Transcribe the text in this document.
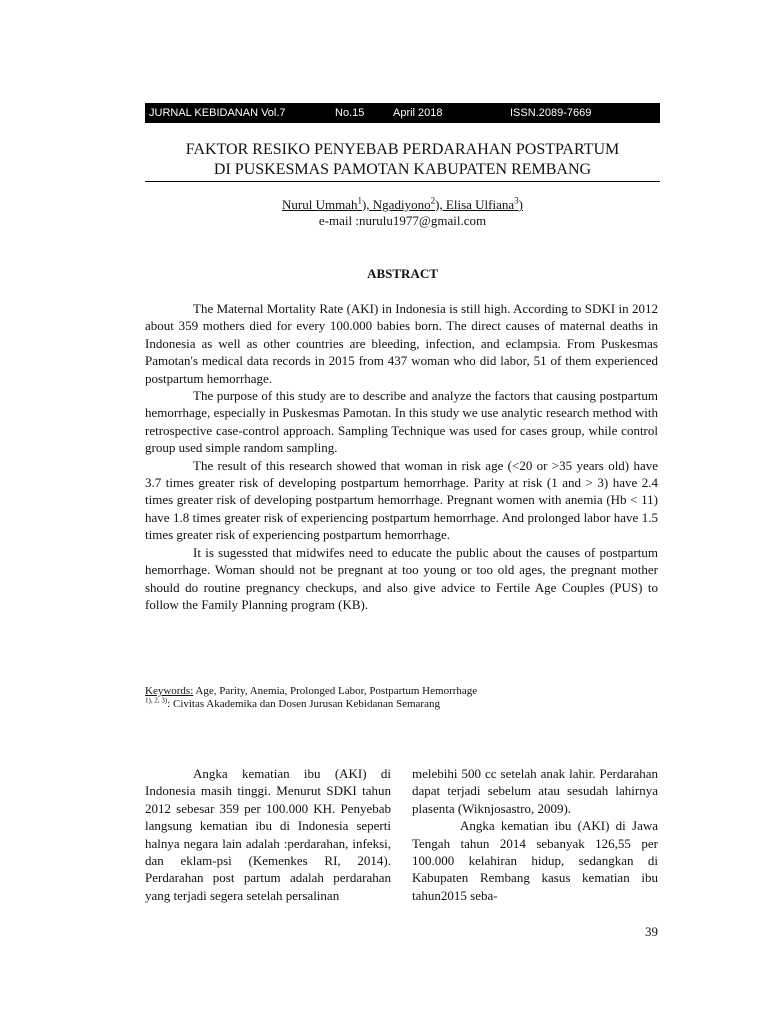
JURNAL KEBIDANAN Vol.7	No.15	April 2018	ISSN.2089-7669
FAKTOR RESIKO PENYEBAB PERDARAHAN POSTPARTUM
DI PUSKESMAS PAMOTAN KABUPATEN REMBANG
Nurul Ummah$^1$), Ngadiyono$^2$), Elisa Ulfiana$^3$)
e-mail :nurulu1977@gmail.com
ABSTRACT

The Maternal Mortality Rate (AKI) in Indonesia is still high. According to SDKI in 2012 about 359 mothers died for every 100.000 babies born. The direct causes of maternal deaths in Indonesia as well as other countries are bleeding, infection, and eclampsia. From Puskesmas Pamotan's medical data records in 2015 from 437 woman who did labor, 51 of them experienced postpartum hemorrhage.

The purpose of this study are to describe and analyze the factors that causing postpartum hemorrhage, especially in Puskesmas Pamotan. In this study we use analytic research method with retrospective case-control approach. Sampling Technique was used for cases group, while control group used simple random sampling.

The result of this research showed that woman in risk age (<20 or >35 years old) have 3.7 times greater risk of developing postpartum hemorrhage. Parity at risk (1 and > 3) have 2.4 times greater risk of developing postpartum hemorrhage. Pregnant women with anemia (Hb < 11) have 1.8 times greater risk of experiencing postpartum hemorrhage. And prolonged labor have 1.5 times greater risk of experiencing postpartum hemorrhage.

It is sugessted that midwifes need to educate the public about the causes of postpartum hemorrhage. Woman should not be pregnant at too young or too old ages, the pregnant mother should do routine pregnancy checkups, and also give advice to Fertile Age Couples (PUS) to follow the Family Planning program (KB).

Keywords: Age, Parity, Anemia, Prolonged Labor, Postpartum Hemorrhage
$^{1), 2, 3)}$: Civitas Akademika dan Dosen Jurusan Kebidanan Semarang

Angka kematian ibu (AKI) di Indonesia masih tinggi. Menurut SDKI tahun 2012 sebesar 359 per 100.000 KH. Penyebab langsung kematian ibu di Indonesia seperti halnya negara lain adalah :perdarahan, infeksi, dan eklam-psi (Kemenkes RI, 2014). Perdarahan post partum adalah perdarahan yang terjadi segera setelah persalinan

melebihi 500 cc setelah anak lahir. Perdarahan dapat terjadi sebelum atau sesudah lahirnya plasenta (Wiknjosastro, 2009).

Angka kematian ibu (AKI) di Jawa Tengah tahun 2014 sebanyak 126,55 per 100.000 kelahiran hidup, sedangkan di Kabupaten Rembang kasus kematian ibu tahun2015 seba-

39
